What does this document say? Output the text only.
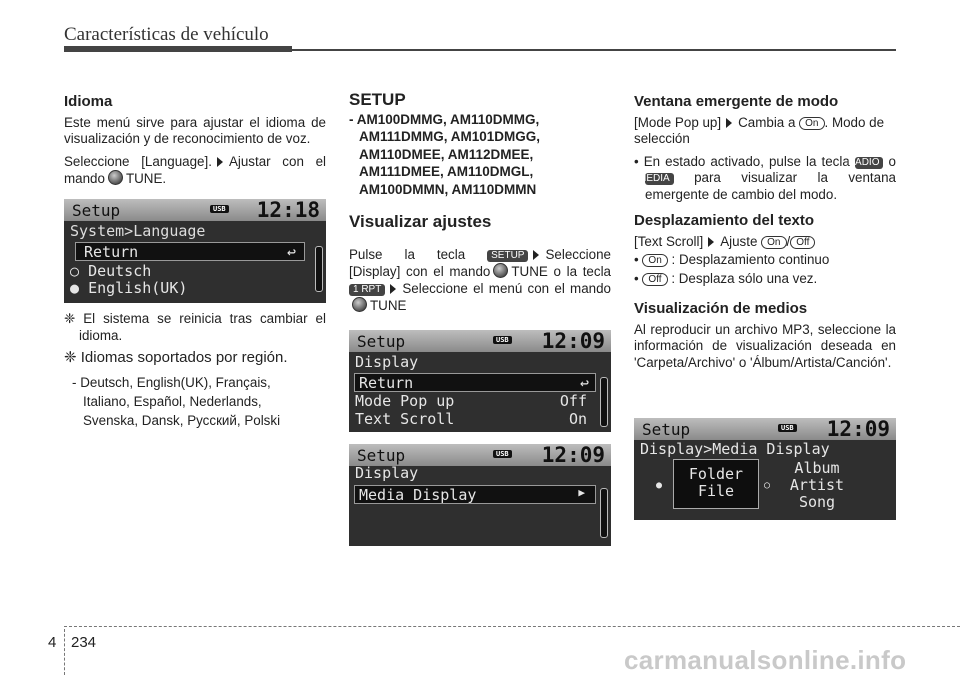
Características de vehículo
Idioma

Este menú sirve para ajustar el idioma de visualización y de reconocimiento de voz.

Seleccione [Language]. Ajustar con el mando TUNE.

Setup	USB 12:18
System>Language
Return	↩
○ Deutsch
● English(UK)

❈ El sistema se reinicia tras cambiar el idioma.

❈ Idiomas soportados por región.

- Deutsch, English(UK), Français,
Italiano, Español, Nederlands,
Svenska, Dansk, Русский, Polski
SETUP
- AM100DMMG, AM110DMMG,
AM111DMMG, AM101DMGG,
AM110DMEE, AM112DMEE,
AM111DMEE, AM110DMGL,
AM100DMMN, AM110DMMN
Visualizar ajustes

Pulse la tecla	SETUP Seleccione [Display] con el mando TUNE o la tecla 1 RPT Seleccione el menú con el mandoTUNE

Setup	USB 12:09
Display
Return	↩
Mode Pop up	Off
Text Scroll	On
Setup	USB 12:09
Display
Media Display	▶
Ventana emergente de modo

[Mode Pop up] Cambia a On . Modo de selección

• En estado activado, pulse la tecla RADIO o MEDIA para visualizar la ventana emergente de cambio del modo.

Desplazamiento del texto

[Text Scroll] Ajuste On / Off

• On : Desplazamiento continuo

• Off : Desplaza sólo una vez.

Visualización de medios

Al reproducir un archivo MP3, seleccione la información de visualización deseada en 'Carpeta/Archivo' o 'Álbum/Artista/Canción'.

Setup	USB 12:09
Display>Media Display
●
Folder
File	○
Album
Artist
Song
4 234
carmanualsonline.info
